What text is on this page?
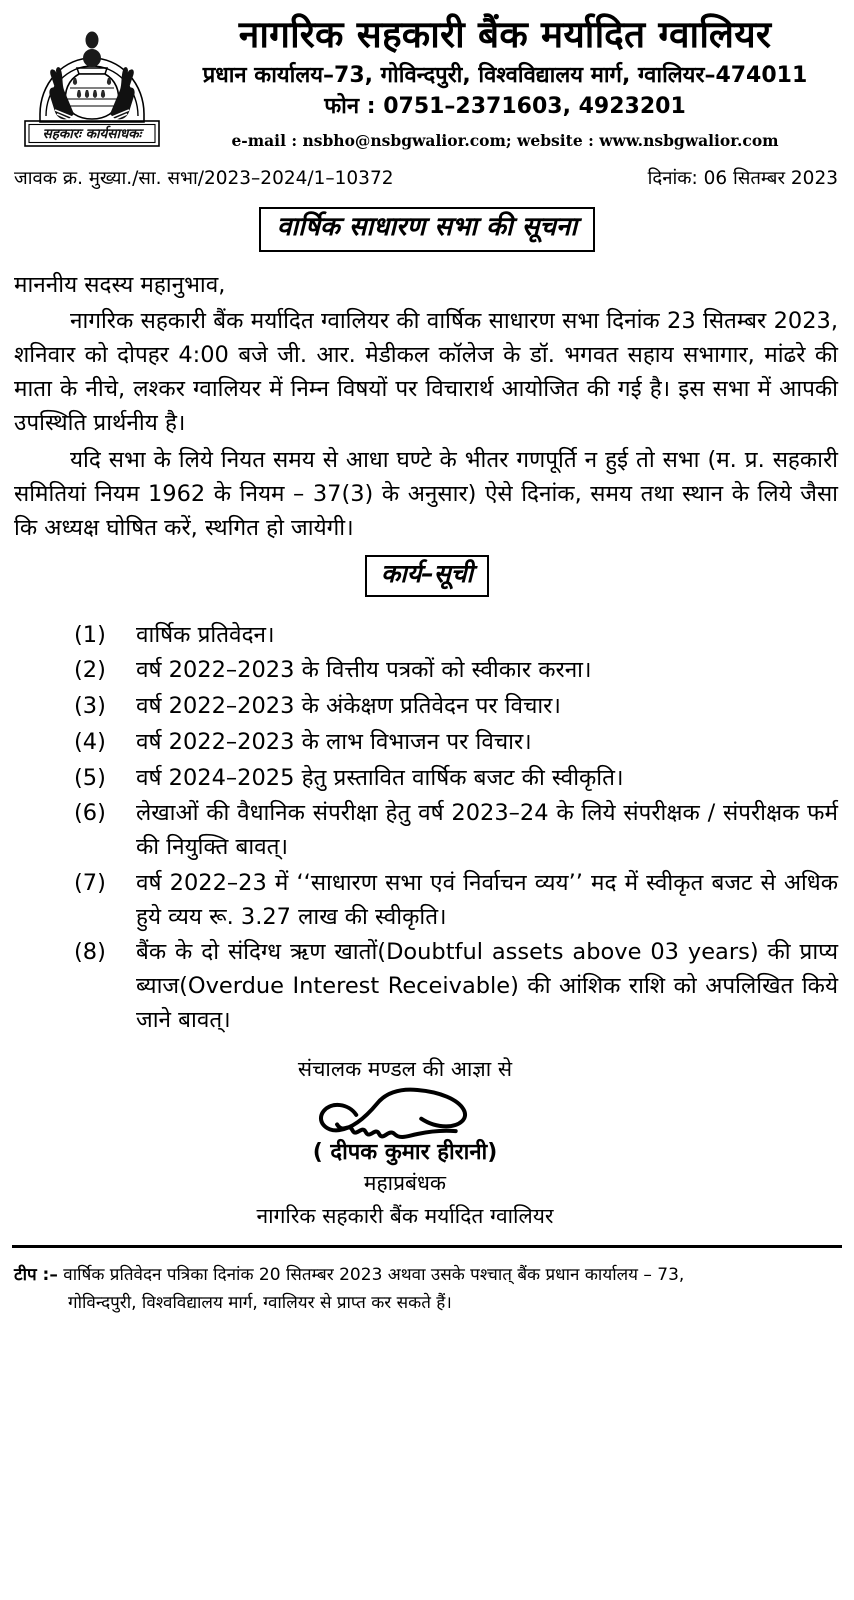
सहकारः कार्यसाधकः
नागरिक सहकारी बैंक मर्यादित ग्वालियर
प्रधान कार्यालय–73, गोविन्दपुरी, विश्वविद्यालय मार्ग, ग्वालियर–474011
फोन : 0751–2371603, 4923201
e-mail : nsbho@nsbgwalior.com; website : www.nsbgwalior.com
जावक क्र. मुख्या./सा. सभा/2023–2024/1–10372	दिनांक: 06 सितम्बर 2023
वार्षिक साधारण सभा की सूचना
माननीय सदस्य महानुभाव,
नागरिक सहकारी बैंक मर्यादित ग्वालियर की वार्षिक साधारण सभा दिनांक 23 सितम्बर 2023, शनिवार को दोपहर 4:00 बजे जी. आर. मेडीकल कॉलेज के डॉ. भगवत सहाय सभागार, मांढरे की माता के नीचे, लश्कर ग्वालियर में निम्न विषयों पर विचारार्थ आयोजित की गई है। इस सभा में आपकी उपस्थिति प्रार्थनीय है।
यदि सभा के लिये नियत समय से आधा घण्टे के भीतर गणपूर्ति न हुई तो सभा (म. प्र. सहकारी समितियां नियम 1962 के नियम – 37(3) के अनुसार) ऐसे दिनांक, समय तथा स्थान के लिये जैसा कि अध्यक्ष घोषित करें, स्थगित हो जायेगी।
कार्य–सूची
(1)	वार्षिक प्रतिवेदन।
(2)	वर्ष 2022–2023 के वित्तीय पत्रकों को स्वीकार करना।
(3)	वर्ष 2022–2023 के अंकेक्षण प्रतिवेदन पर विचार।
(4)	वर्ष 2022–2023 के लाभ विभाजन पर विचार।
(5)	वर्ष 2024–2025 हेतु प्रस्तावित वार्षिक बजट की स्वीकृति।
(6)	लेखाओं की वैधानिक संपरीक्षा हेतु वर्ष 2023–24 के लिये संपरीक्षक / संपरीक्षक फर्म की नियुक्ति बावत्।
(7)	वर्ष 2022–23 में ‘‘साधारण सभा एवं निर्वाचन व्यय’’ मद में स्वीकृत बजट से अधिक हुये व्यय रू. 3.27 लाख की स्वीकृति।
(8)	बैंक के दो संदिग्ध ऋण खातों(Doubtful assets above 03 years) की प्राप्य ब्याज(Overdue Interest Receivable) की आंशिक राशि को अपलिखित किये जाने बावत्।
संचालक मण्डल की आज्ञा से
( दीपक कुमार हीरानी)
महाप्रबंधक
नागरिक सहकारी बैंक मर्यादित ग्वालियर
टीप :– वार्षिक प्रतिवेदन पत्रिका दिनांक 20 सितम्बर 2023 अथवा उसके पश्चात् बैंक प्रधान कार्यालय – 73,
गोविन्दपुरी, विश्वविद्यालय मार्ग, ग्वालियर से प्राप्त कर सकते हैं।
